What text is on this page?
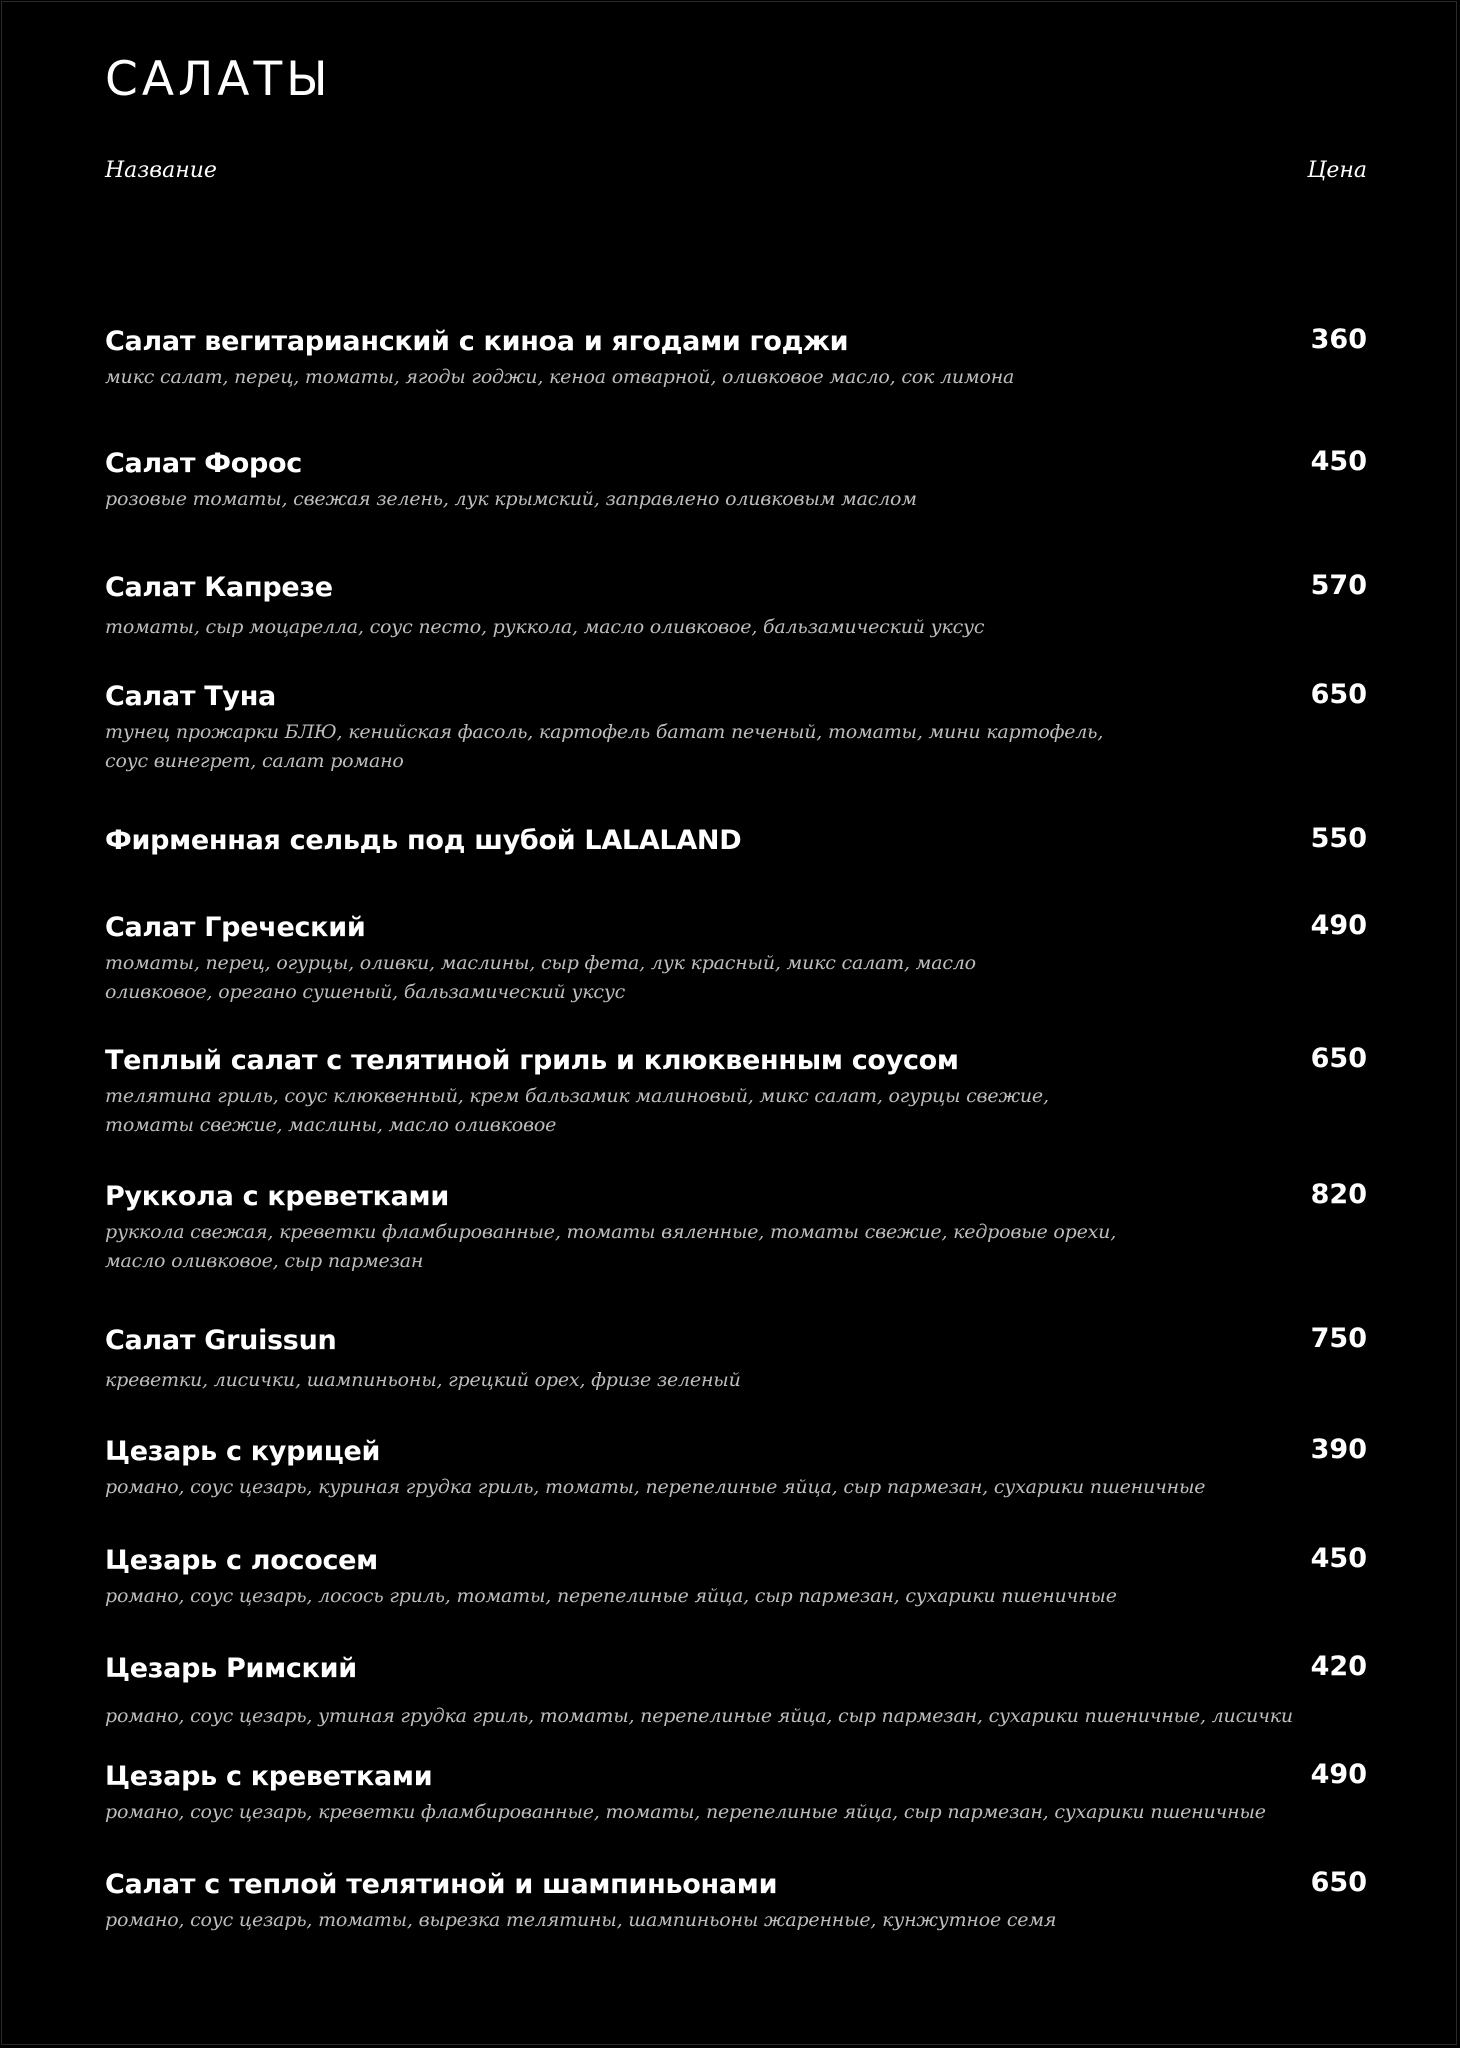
САЛАТЫ
Название	Цена
Салат вегитарианский с киноа и ягодами годжи	360
микс салат, перец, томаты, ягоды годжи, кеноа отварной, оливковое масло, сок лимона
Салат Форос	450
розовые томаты, свежая зелень, лук крымский, заправлено оливковым маслом
Салат Капрезе	570
томаты, сыр моцарелла, соус песто, руккола, масло оливковое, бальзамический уксус
Салат Туна	650
тунец прожарки БЛЮ, кенийская фасоль, картофель батат печеный, томаты, мини картофель,
соус винегрет, салат романо
Фирменная сельдь под шубой LALALAND	550
Салат Греческий	490
томаты, перец, огурцы, оливки, маслины, сыр фета, лук красный, микс салат, масло
оливковое, орегано сушеный, бальзамический уксус
Теплый салат с телятиной гриль и клюквенным соусом	650
телятина гриль, соус клюквенный, крем бальзамик малиновый, микс салат, огурцы свежие,
томаты свежие, маслины, масло оливковое
Руккола с креветками	820
руккола свежая, креветки фламбированные, томаты вяленные, томаты свежие, кедровые орехи,
масло оливковое, сыр пармезан
Салат Gruissun	750
креветки, лисички, шампиньоны, грецкий орех, фризе зеленый
Цезарь с курицей	390
романо, соус цезарь, куриная грудка гриль, томаты, перепелиные яйца, сыр пармезан, сухарики пшеничные
Цезарь с лососем	450
романо, соус цезарь, лосось гриль, томаты, перепелиные яйца, сыр пармезан, сухарики пшеничные
Цезарь Римский	420
романо, соус цезарь, утиная грудка гриль, томаты, перепелиные яйца, сыр пармезан, сухарики пшеничные, лисички
Цезарь с креветками	490
романо, соус цезарь, креветки фламбированные, томаты, перепелиные яйца, сыр пармезан, сухарики пшеничные
Салат с теплой телятиной и шампиньонами	650
романо, соус цезарь, томаты, вырезка телятины, шампиньоны жаренные, кунжутное семя
